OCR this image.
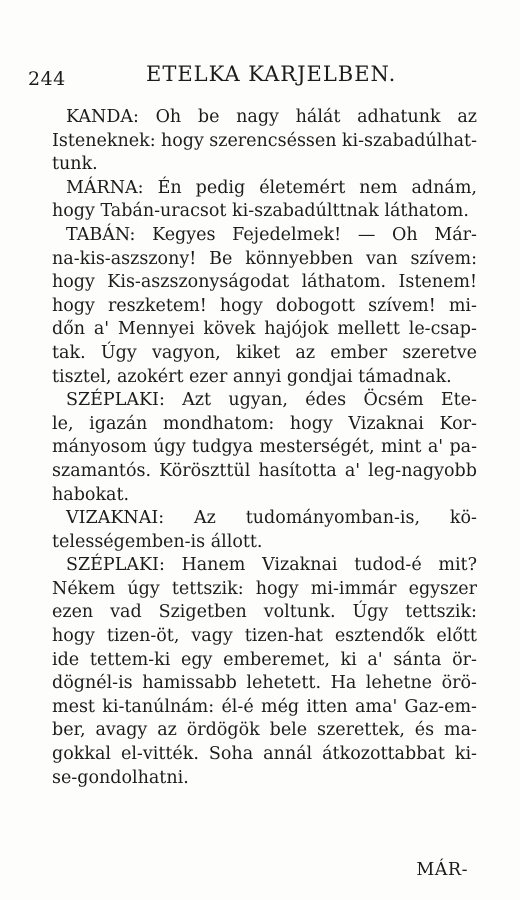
244	ETELKA KARJELBEN.
KANDA: Oh be nagy hálát adhatunk az
Isteneknek: hogy szerencséssen ki-szabadúlhat-
tunk.
MÁRNA: Én pedig életemért nem adnám,
hogy Tabán-uracsot ki-szabadúlttnak láthatom.
TABÁN: Kegyes Fejedelmek! — Oh Már-
na-kis-aszszony! Be könnyebben van szívem:
hogy Kis-aszszonyságodat láthatom. Istenem!
hogy reszketem! hogy dobogott szívem! mi-
dőn a' Mennyei kövek hajójok mellett le-csap-
tak. Úgy vagyon, kiket az ember szeretve
tisztel, azokért ezer annyi gondjai támadnak.
SZÉPLAKI: Azt ugyan, édes Öcsém Ete-
le, igazán mondhatom: hogy Vizaknai Kor-
mányosom úgy tudgya mesterségét, mint a' pa-
szamantós. Köröszttül hasította a' leg-nagyobb
habokat.
VIZAKNAI: Az tudományomban-is, kö-
telességemben-is állott.
SZÉPLAKI: Hanem Vizaknai tudod-é mit?
Nékem úgy tettszik: hogy mi-immár egyszer
ezen vad Szigetben voltunk. Úgy tettszik:
hogy tizen-öt, vagy tizen-hat esztendők előtt
ide tettem-ki egy emberemet, ki a' sánta ör-
dögnél-is hamissabb lehetett. Ha lehetne örö-
mest ki-tanúlnám: él-é még itten ama' Gaz-em-
ber, avagy az ördögök bele szerettek, és ma-
gokkal el-vitték. Soha annál átkozottabbat ki-
se-gondolhatni.
MÁR-
